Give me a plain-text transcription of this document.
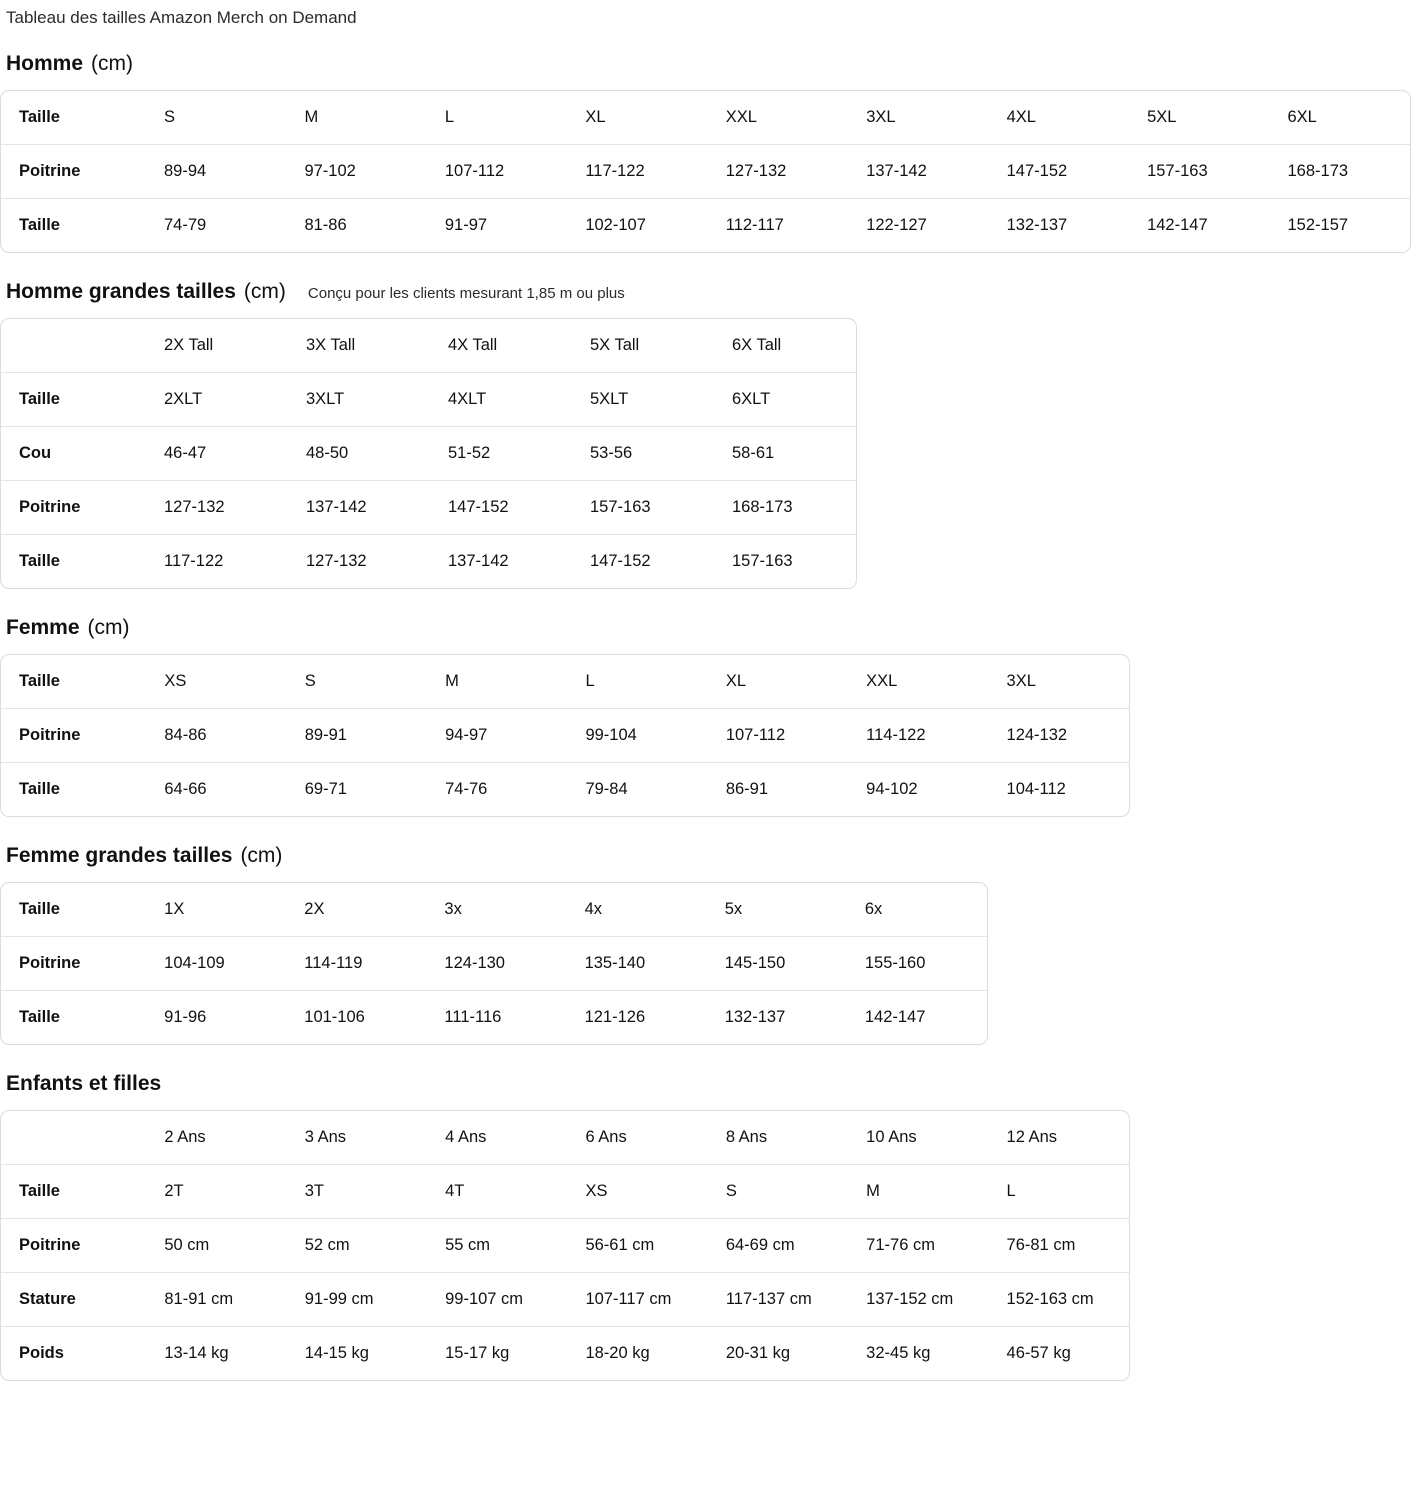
Tableau des tailles Amazon Merch on Demand
Homme (cm)
Taille	S	M	L	XL	XXL	3XL	4XL	5XL	6XL
Poitrine	89-94	97-102	107-112	117-122	127-132	137-142	147-152	157-163	168-173
Taille	74-79	81-86	91-97	102-107	112-117	122-127	132-137	142-147	152-157
Homme grandes tailles (cm) Conçu pour les clients mesurant 1,85 m ou plus
	2X Tall	3X Tall	4X Tall	5X Tall	6X Tall
Taille	2XLT	3XLT	4XLT	5XLT	6XLT
Cou	46-47	48-50	51-52	53-56	58-61
Poitrine	127-132	137-142	147-152	157-163	168-173
Taille	117-122	127-132	137-142	147-152	157-163
Femme (cm)
Taille	XS	S	M	L	XL	XXL	3XL
Poitrine	84-86	89-91	94-97	99-104	107-112	114-122	124-132
Taille	64-66	69-71	74-76	79-84	86-91	94-102	104-112
Femme grandes tailles (cm)
Taille	1X	2X	3x	4x	5x	6x
Poitrine	104-109	114-119	124-130	135-140	145-150	155-160
Taille	91-96	101-106	111-116	121-126	132-137	142-147
Enfants et filles
	2 Ans	3 Ans	4 Ans	6 Ans	8 Ans	10 Ans	12 Ans
Taille	2T	3T	4T	XS	S	M	L
Poitrine	50 cm	52 cm	55 cm	56-61 cm	64-69 cm	71-76 cm	76-81 cm
Stature	81-91 cm	91-99 cm	99-107 cm	107-117 cm	117-137 cm	137-152 cm	152-163 cm
Poids	13-14 kg	14-15 kg	15-17 kg	18-20 kg	20-31 kg	32-45 kg	46-57 kg
